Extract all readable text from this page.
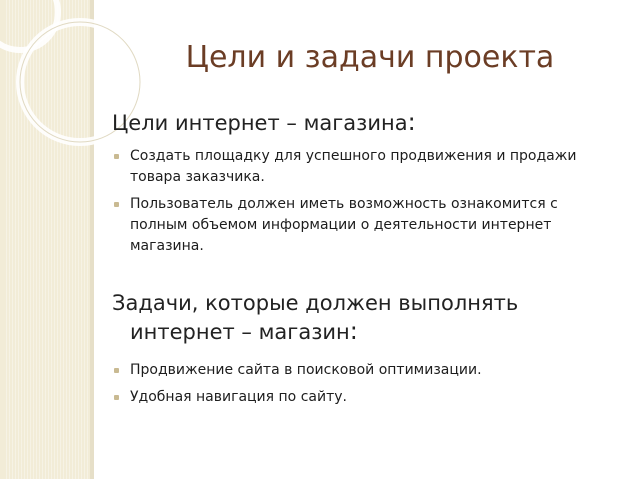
Цели и задачи проекта
Цели интернет – магазина:
Создать площадку для успешного продвижения и продажи товара заказчика.
Пользователь должен иметь возможность ознакомится с полным объемом информации о деятельности интернет магазина.
Задачи, которые должен выполнять
интернет – магазин:
Продвижение сайта в поисковой оптимизации.
Удобная навигация по сайту.
